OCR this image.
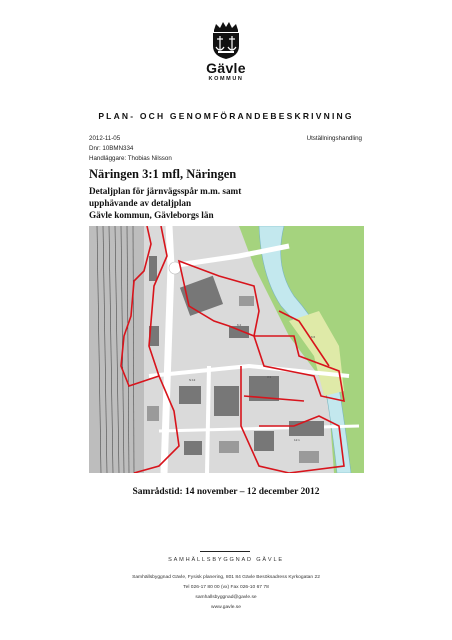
Gävle
KOMMUN
PLAN- OCH GENOMFÖRANDEBESKRIVNING
2012-11-05
Dnr: 10BMN334
Handläggare: Thobias Nilsson
Utställningshandling
Näringen 3:1 mfl, Näringen
Detaljplan för järnvägsspår m.m. samt
upphävande av detaljplan
Gävle kommun, Gävleborgs län
6:4
3:1
6:6
N:13
12:1
Samrådstid: 14 november – 12 december 2012
SAMHÄLLSBYGGNAD GÄVLE
Samhällsbyggnad Gävle, Fysisk planering, 801 84 Gävle Besöksadress Kyrkogatan 22
Tel 026-17 80 00 (vx) Fax 026-10 67 78
samhallsbyggnad@gavle.se
www.gavle.se
